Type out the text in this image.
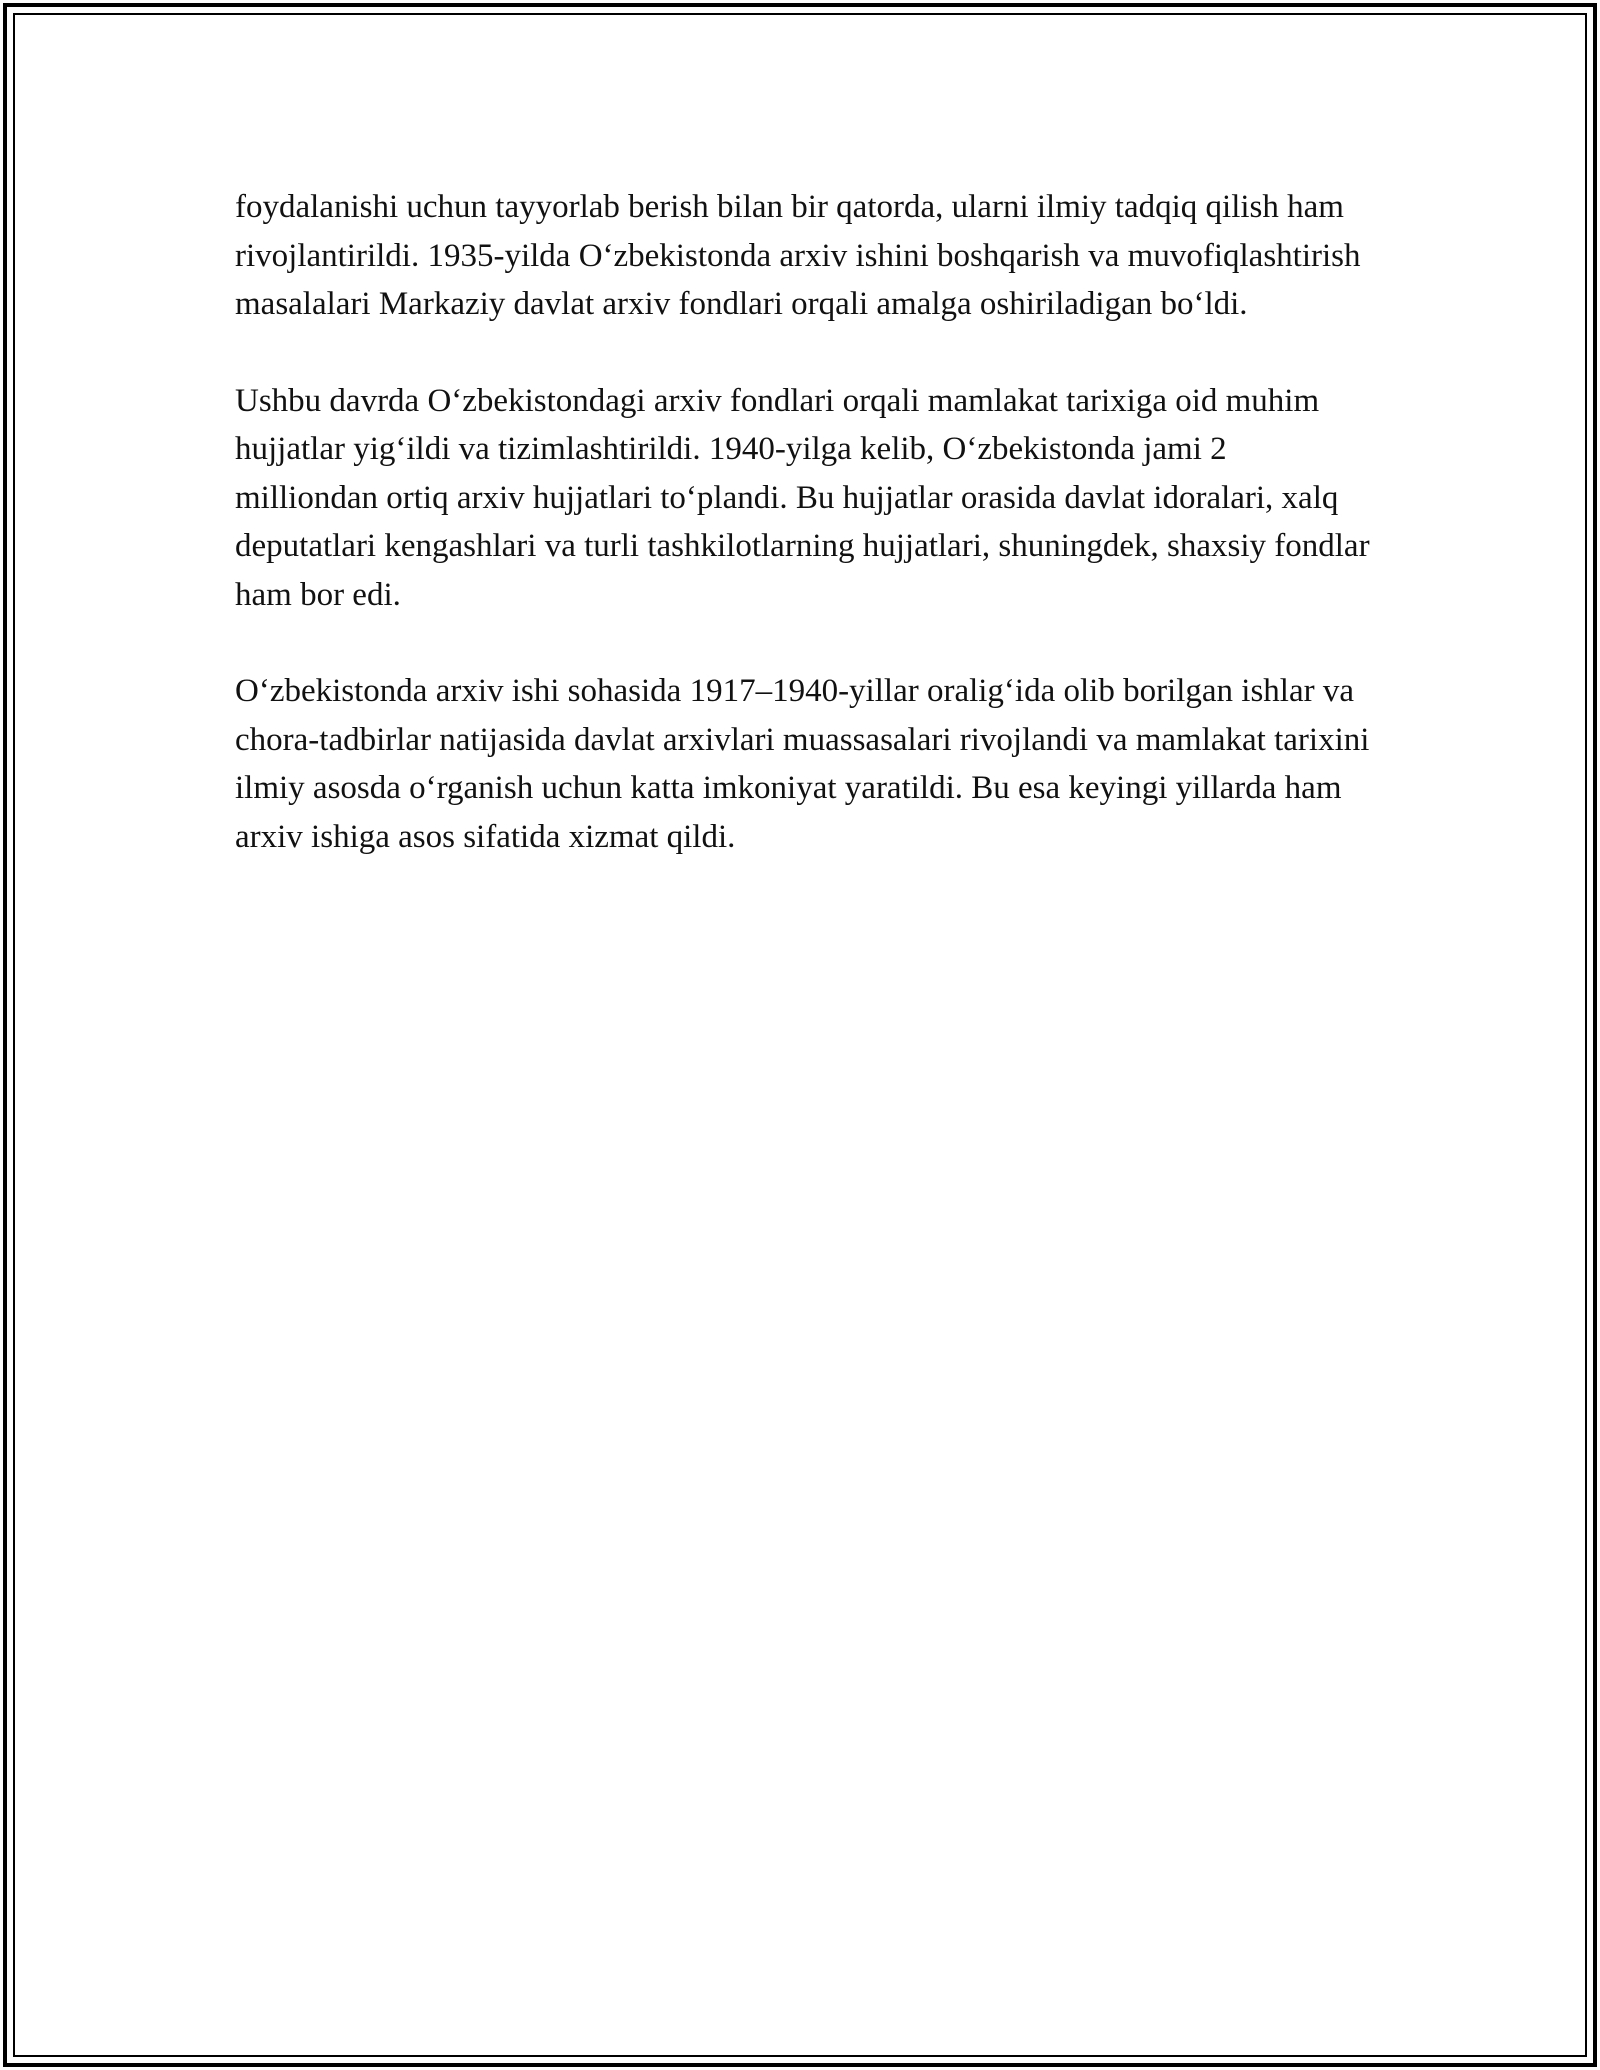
foydalanishi uchun tayyorlab berish bilan bir qatorda, ularni ilmiy tadqiq qilish ham rivojlantirildi. 1935-yilda O‘zbekistonda arxiv ishini boshqarish va muvofiqlashtirish masalalari Markaziy davlat arxiv fondlari orqali amalga oshiriladigan bo‘ldi.

Ushbu davrda O‘zbekistondagi arxiv fondlari orqali mamlakat tarixiga oid muhim hujjatlar yig‘ildi va tizimlashtirildi. 1940-yilga kelib, O‘zbekistonda jami 2 milliondan ortiq arxiv hujjatlari to‘plandi. Bu hujjatlar orasida davlat idoralari, xalq deputatlari kengashlari va turli tashkilotlarning hujjatlari, shuningdek, shaxsiy fondlar ham bor edi.

O‘zbekistonda arxiv ishi sohasida 1917–1940-yillar oralig‘ida olib borilgan ishlar va chora-tadbirlar natijasida davlat arxivlari muassasalari rivojlandi va mamlakat tarixini ilmiy asosda o‘rganish uchun katta imkoniyat yaratildi. Bu esa keyingi yillarda ham arxiv ishiga asos sifatida xizmat qildi.
